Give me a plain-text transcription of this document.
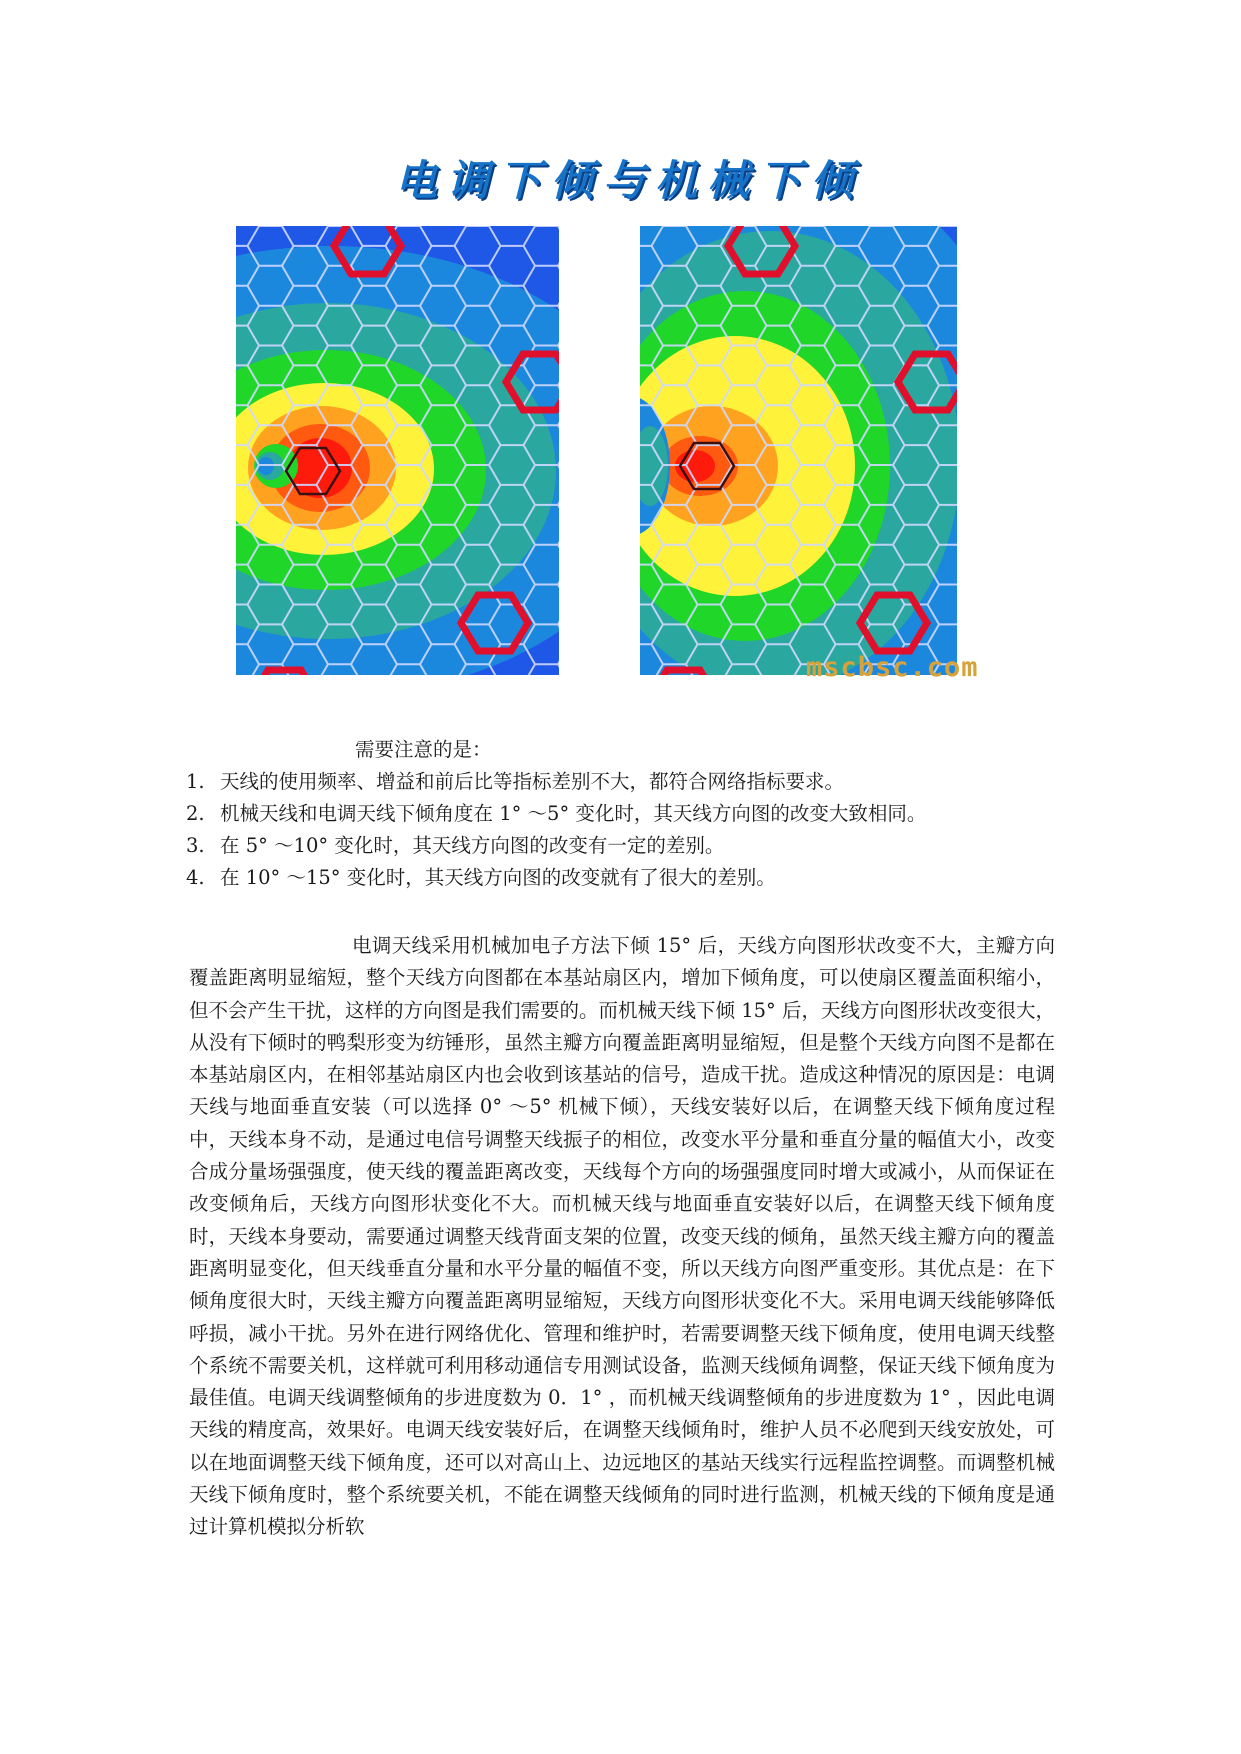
电调下倾与机械下倾
mscbsc.com
需要注意的是：
1. 天线的使用频率、增益和前后比等指标差别不大，都符合网络指标要求。
2. 机械天线和电调天线下倾角度在 1° ～5° 变化时，其天线方向图的改变大致相同。
3. 在 5° ～10° 变化时，其天线方向图的改变有一定的差别。
4. 在 10° ～15° 变化时，其天线方向图的改变就有了很大的差别。
电调天线采用机械加电子方法下倾 15° 后，天线方向图形状改变不大，主瓣方向覆盖距离明显缩短，整个天线方向图都在本基站扇区内，增加下倾角度，可以使扇区覆盖面积缩小，但不会产生干扰，这样的方向图是我们需要的。而机械天线下倾 15° 后，天线方向图形状改变很大，从没有下倾时的鸭梨形变为纺锤形，虽然主瓣方向覆盖距离明显缩短，但是整个天线方向图不是都在本基站扇区内，在相邻基站扇区内也会收到该基站的信号，造成干扰。造成这种情况的原因是：电调天线与地面垂直安装（可以选择 0° ～5° 机械下倾），天线安装好以后，在调整天线下倾角度过程中，天线本身不动，是通过电信号调整天线振子的相位，改变水平分量和垂直分量的幅值大小，改变合成分量场强强度，使天线的覆盖距离改变，天线每个方向的场强强度同时增大或减小，从而保证在改变倾角后，天线方向图形状变化不大。而机械天线与地面垂直安装好以后，在调整天线下倾角度时，天线本身要动，需要通过调整天线背面支架的位置，改变天线的倾角，虽然天线主瓣方向的覆盖距离明显变化，但天线垂直分量和水平分量的幅值不变，所以天线方向图严重变形。其优点是：在下倾角度很大时，天线主瓣方向覆盖距离明显缩短，天线方向图形状变化不大。采用电调天线能够降低呼损，减小干扰。另外在进行网络优化、管理和维护时，若需要调整天线下倾角度，使用电调天线整个系统不需要关机，这样就可利用移动通信专用测试设备，监测天线倾角调整，保证天线下倾角度为最佳值。电调天线调整倾角的步进度数为 0．1° ，而机械天线调整倾角的步进度数为 1° ，因此电调天线的精度高，效果好。电调天线安装好后，在调整天线倾角时，维护人员不必爬到天线安放处，可以在地面调整天线下倾角度，还可以对高山上、边远地区的基站天线实行远程监控调整。而调整机械天线下倾角度时，整个系统要关机，不能在调整天线倾角的同时进行监测，机械天线的下倾角度是通过计算机模拟分析软
